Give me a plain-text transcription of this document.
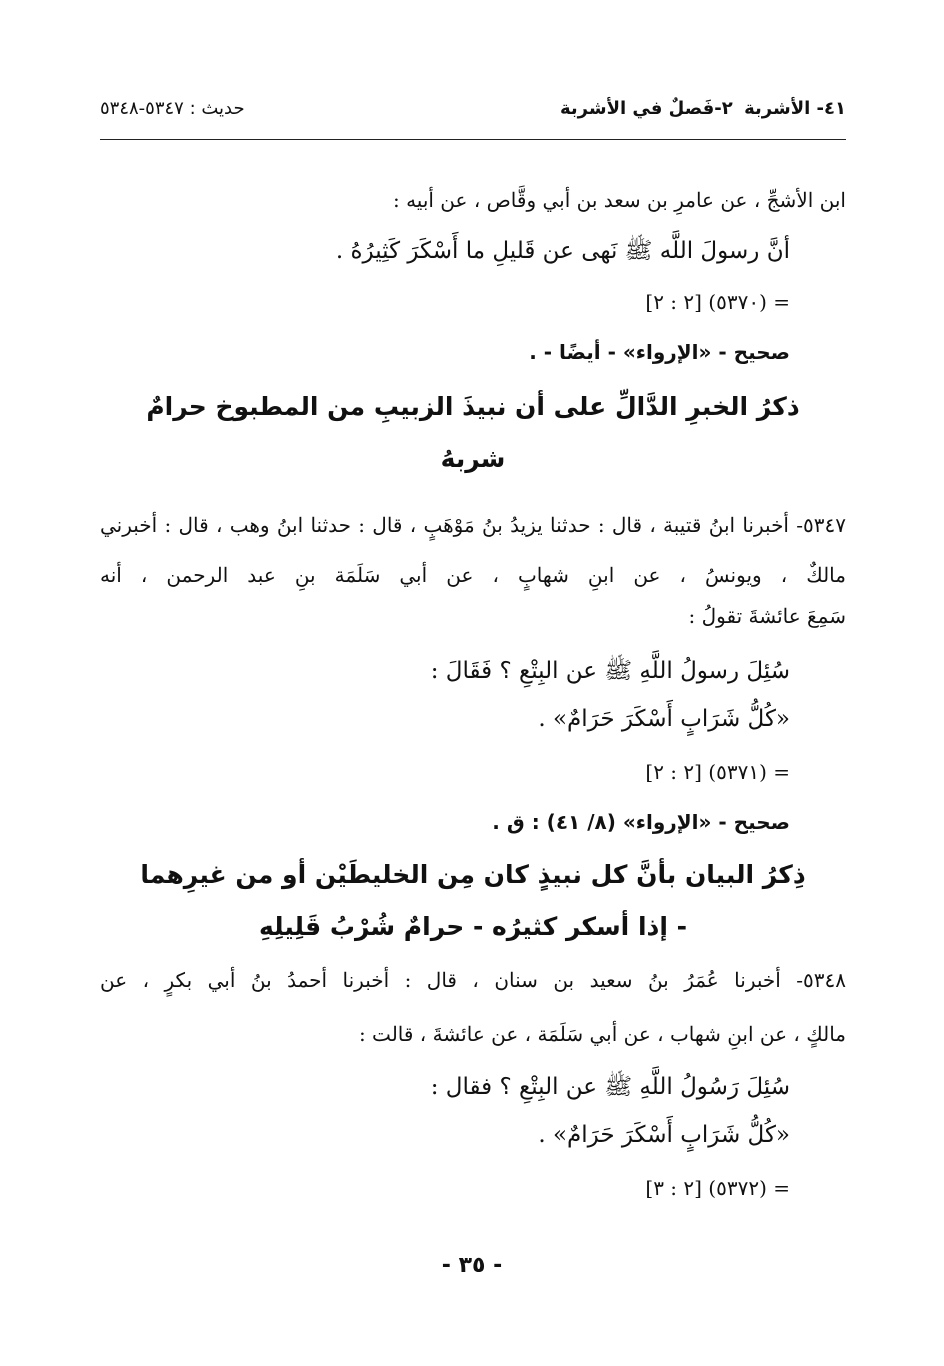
٤١- الأشربة
٢-فَصلٌ في الأشربة
حديث : ٥٣٤٧-٥٣٤٨
ابن الأشجِّ ، عن عامرِ بن سعد بن أبي وقَّاص ، عن أبيه :
أنَّ رسولَ اللَّه ﷺ نَهى عن قَليلِ ما أَسْكَرَ كَثِيرُهُ .
= (٥٣٧٠) [٢ : ٢]
صحيح - «الإرواء» - أيضًا - .
ذكرُ الخبرِ الدَّالِّ على أن نبيذَ الزبيبِ من المطبوخ حرامٌ
شربهُ
٥٣٤٧- أخبرنا ابنُ قتيبة ، قال : حدثنا يزيدُ بنُ مَوْهَبٍ ، قال : حدثنا ابنُ وهب ، قال : أخبرني مالكٌ ، ويونسُ ، عن ابنِ شهابٍ ، عن أبي سَلَمَة بنِ عبد الرحمن ، أنه
سَمِعَ عائشةَ تقولُ :
سُئِلَ رسولُ اللَّهِ ﷺ عن البِتْعِ ؟ فَقَالَ :
«كُلُّ شَرَابٍ أَسْكَرَ حَرَامٌ» .
= (٥٣٧١) [٢ : ٢]
صحيح - «الإرواء» (٨/ ٤١) : ق .
ذِكرُ البيان بأنَّ كل نبيذٍ كان مِن الخليطَيْن أو من غيرِهما
- إذا أسكر كثيرُه - حرامٌ شُرْبُ قَلِيلِهِ
٥٣٤٨- أخبرنا عُمَرُ بنُ سعيد بن سنان ، قال : أخبرنا أحمدُ بنُ أبي بكرٍ ، عن
مالكٍ ، عن ابنِ شهاب ، عن أبي سَلَمَة ، عن عائشةَ ، قالت :
سُئِلَ رَسُولُ اللَّهِ ﷺ عن البِتْعِ ؟ فقال :
«كُلُّ شَرَابٍ أَسْكَرَ حَرَامٌ» .
= (٥٣٧٢) [٢ : ٣]
- ٣٥ -
